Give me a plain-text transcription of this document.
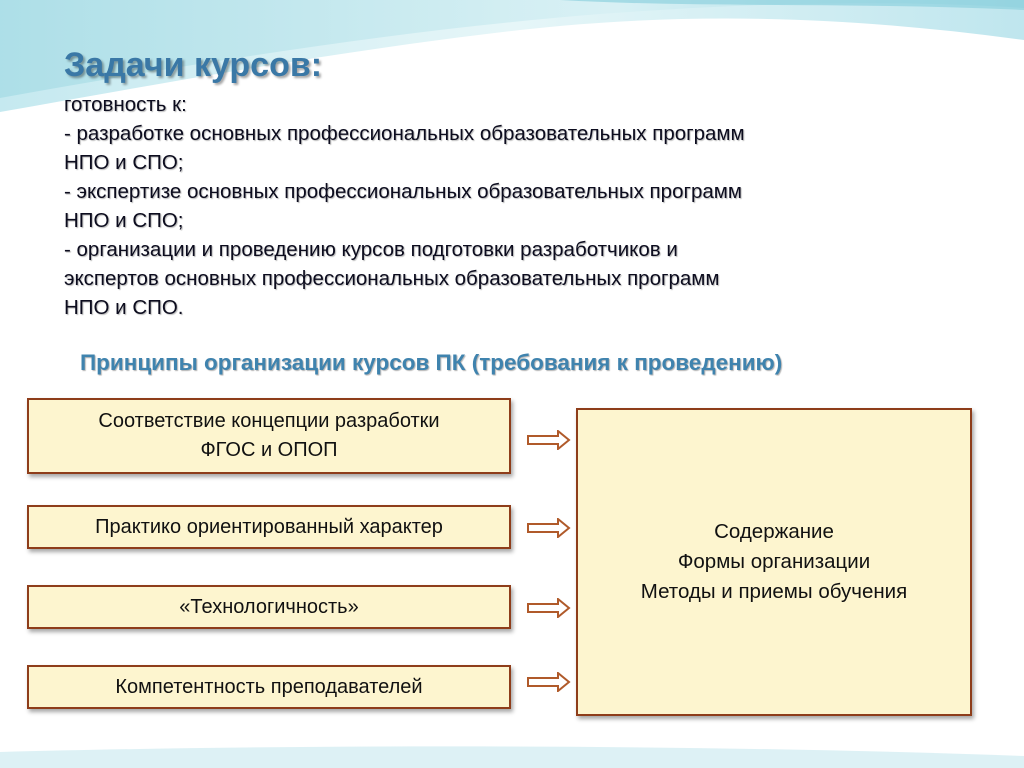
Задачи курсов:
готовность к:
- разработке основных профессиональных образовательных программ
НПО и СПО;
- экспертизе основных профессиональных образовательных программ
НПО и СПО;
- организации и проведению курсов подготовки разработчиков и
экспертов основных профессиональных образовательных программ
НПО и СПО.
Принципы организации курсов ПК (требования к проведению)
Соответствие концепции разработки
ФГОС и ОПОП
Практико ориентированный характер
«Технологичность»
Компетентность преподавателей
Содержание
Формы организации
Методы и приемы обучения
